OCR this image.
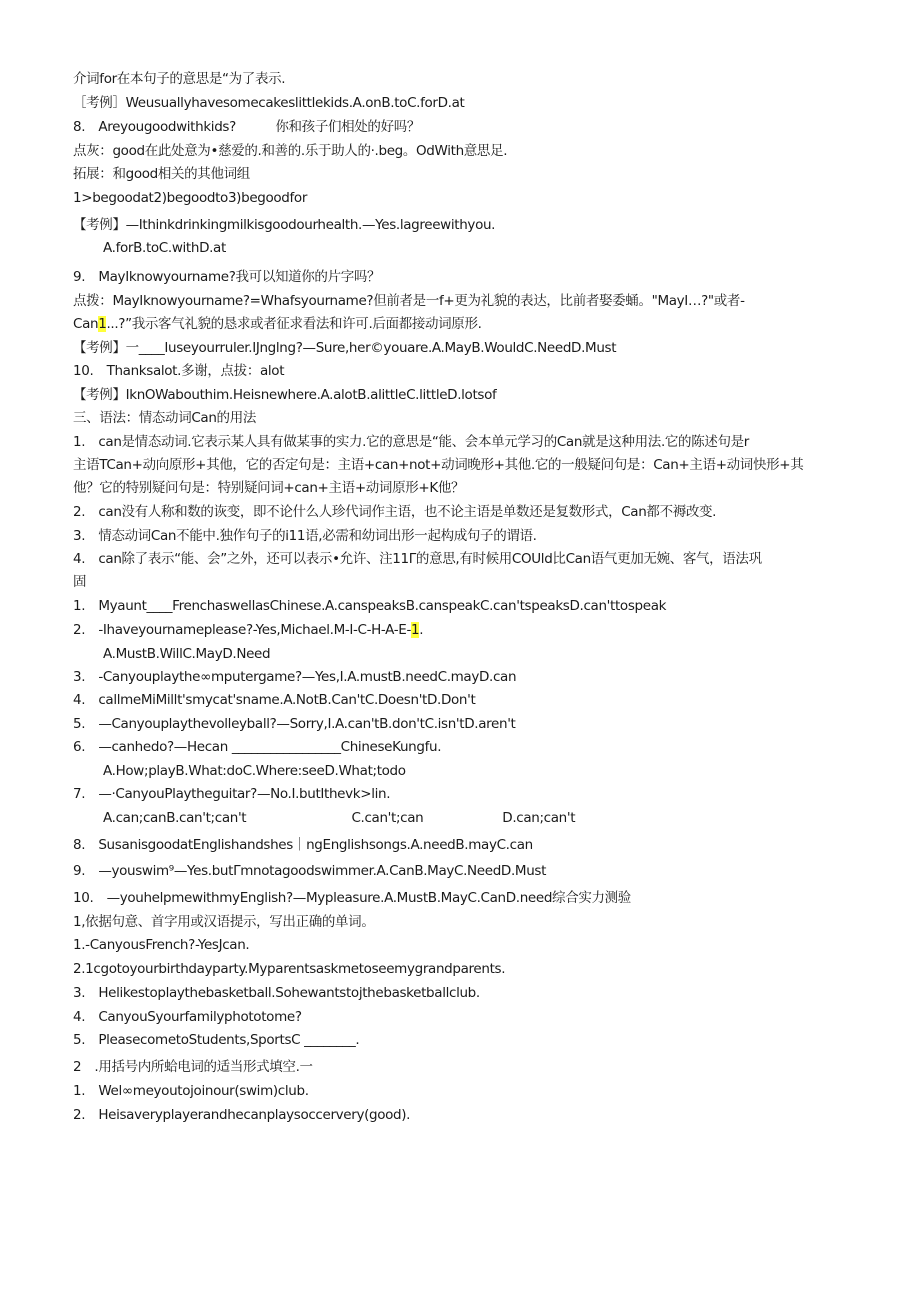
介词for在本句子的意思是“为了表示.
［考例］Weusuallyhavesomecakeslittlekids.A.onB.toC.forD.at
8.　Areyougoodwithkids?　　　你和孩子们相处的好吗？
点灰：good在此处意为•慈爱的.和善的.乐于助人的·.beg。OdWith意思足.
拓展：和good相关的其他词组
1>begoodat2)begoodto3)begoodfor
【考例】—Ithinkdrinkingmilkisgoodourhealth.—Yes.lagreewithyou.
A.forB.toC.withD.at
9.　MayIknowyourname?我可以知道你的片字吗？
点拨：MayIknowyourname?=Whafsyourname?但前者是一f+更为礼貌的表达，比前者娶委蛹。"MayI…?"或者-
Can1...?”我示客气礼貌的恳求或者征求看法和许可.后面都接动词原形.
【考例】一____Iuseyourruler.IJnglng?—Sure,her©youare.A.MayB.WouldC.NeedD.Must
10.　Thanksalot.多谢，点拔：alot
【考例】IknOWabouthim.Heisnewhere.A.alotB.alittleC.littleD.lotsof
三、语法：情态动词Can的用法
1.　can是情态动词.它表示某人具有做某事的实力.它的意思是“能、会本单元学习的Can就是这种用法.它的陈述句是r
主语TCan+动向原形+其他，它的否定句是：主语+can+not+动词晚形+其他.它的一般疑问句是：Can+主语+动词快形+其
他？它的特别疑问句是：特别疑问词+can+主语+动词原形+K他？
2.　can没有人称和数的诙变，即不论什么人珍代词作主语，也不论主语是单数还是复数形式，Can都不褥改变.
3.　情态动词Can不能中.独作句子的i11语,必需和幼词出形一起构成句子的谓语.
4.　can除了表示“能、会”之外，还可以表示•允许、注11Γ的意思,有时候用COUld比Can语气更加无婉、客气，语法巩
固
1.　Myaunt____FrenchaswellasChinese.A.canspeaksB.canspeakC.can'tspeaksD.can'ttospeak
2.　-Ihaveyournameplease?-Yes,Michael.M-I-C-H-A-E-1.
A.MustB.WillC.MayD.Need
3.　-Canyouplaythe∞mputergame?—Yes,I.A.mustB.needC.mayD.can
4.　callmeMiMillt'smycat'sname.A.NotB.Can'tC.Doesn'tD.Don't
5.　—Canyouplaythevolleyball?—Sorry,I.A.can'tB.don'tC.isn'tD.aren't
6.　—canhedo?—Hecan _________________ChineseKungfu.
A.How;playB.What:doC.Where:seeD.What;todo
7.　—·CanyouPlaytheguitar?—No.I.butIthevk>lin.
A.can;canB.can't;can't　　　　　　　　C.can't;can　　　　　　D.can;can't
8.　SusanisgoodatEnglishandshes｜ngEnglishsongs.A.needB.mayC.can
9.　—youswim⁹—Yes.butΓmnotagoodswimmer.A.CanB.MayC.NeedD.Must
10.　—youhelpmewithmyEnglish?—Mypleasure.A.MustB.MayC.CanD.need综合实力测验
1,依据句意、首字用或汉语提示，写出正确的单词。
1.-CanyousFrench?-YesJcan.
2.1cgotoyourbirthdayparty.Myparentsaskmetoseemygrandparents.
3.　Helikestoplaythebasketball.Sohewantstojthebasketballclub.
4.　CanyouSyourfamilyphototome?
5.　PleasecometoStudents,SportsC ________.
2　.用括号内所蛤电词的适当形式填空.一
1.　Wel∞meyoutojoinour(swim)club.
2.　Heisaveryplayerandhecanplaysoccervery(good).
